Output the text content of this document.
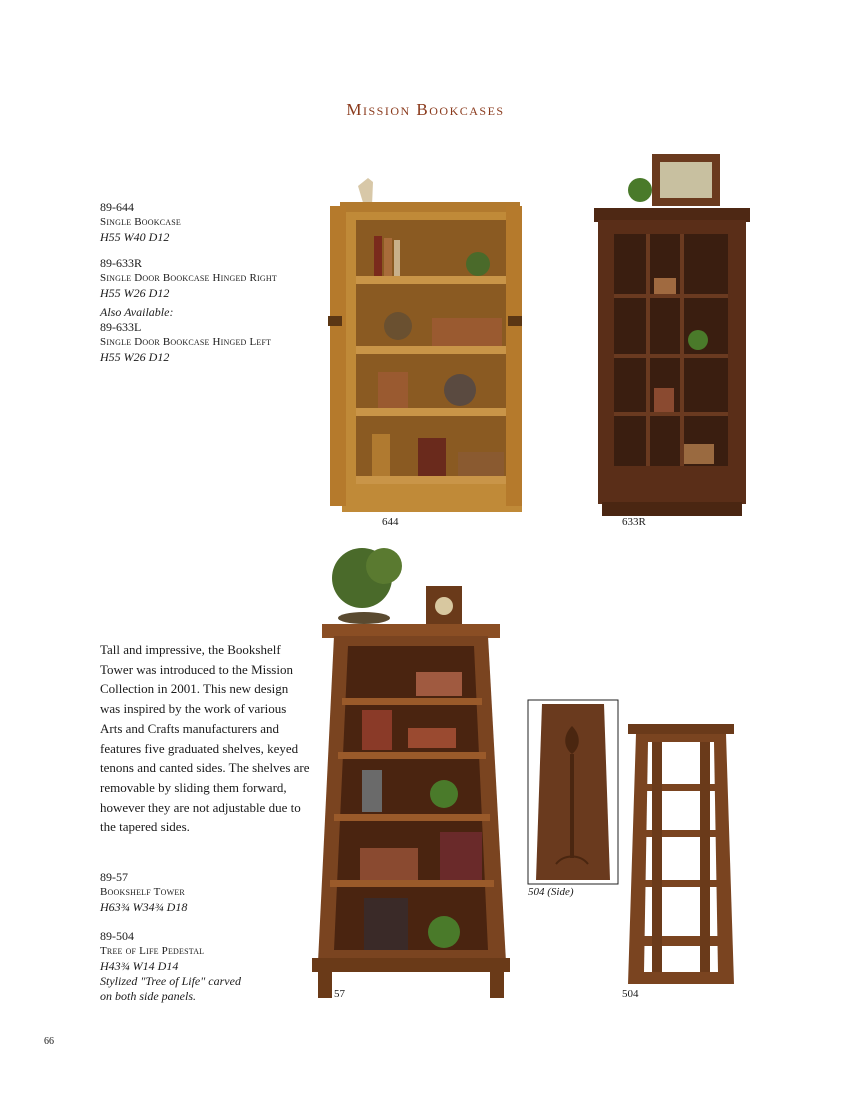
Mission Bookcases
89-644
Single Bookcase
H55 W40 D12
89-633R
Single Door Bookcase Hinged Right
H55 W26 D12
Also Available:
89-633L
Single Door Bookcase Hinged Left
H55 W26 D12
Tall and impressive, the Bookshelf Tower was introduced to the Mission Collection in 2001. This new design was inspired by the work of various Arts and Crafts manufacturers and features five graduated shelves, keyed tenons and canted sides. The shelves are removable by sliding them forward, however they are not adjustable due to the tapered sides.
89-57
Bookshelf Tower
H63¾ W34¾ D18
89-504
Tree of Life Pedestal
H43¾ W14 D14
Stylized "Tree of Life" carved
on both side panels.
644	633R
57
504 (Side)
504
66
